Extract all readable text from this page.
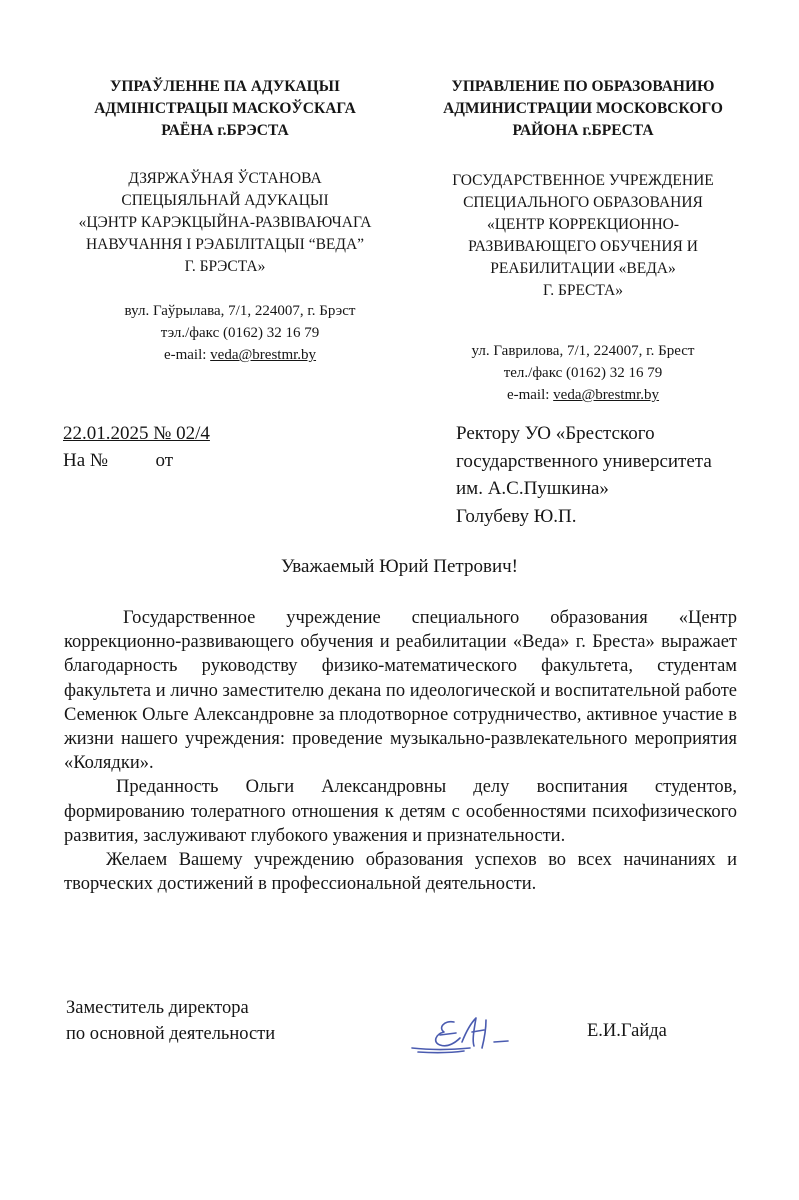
УПРАЎЛЕННЕ ПА АДУКАЦЫІ
АДМІНІСТРАЦЫІ МАСКОЎСКАГА
РАЁНА г.БРЭСТА
ДЗЯРЖАЎНАЯ ЎСТАНОВА
СПЕЦЫЯЛЬНАЙ АДУКАЦЫІ
«ЦЭНТР КАРЭКЦЫЙНА-РАЗВІВАЮЧАГА
НАВУЧАННЯ І РЭАБІЛІТАЦЫІ “ВЕДА”
Г. БРЭСТА»
вул. Гаўрылава, 7/1, 224007, г. Брэст
тэл./факс (0162) 32 16 79
e-mail: veda@brestmr.by
УПРАВЛЕНИЕ ПО ОБРАЗОВАНИЮ
АДМИНИСТРАЦИИ МОСКОВСКОГО
РАЙОНА г.БРЕСТА
ГОСУДАРСТВЕННОЕ УЧРЕЖДЕНИЕ
СПЕЦИАЛЬНОГО ОБРАЗОВАНИЯ
«ЦЕНТР КОРРЕКЦИОННО-
РАЗВИВАЮЩЕГО ОБУЧЕНИЯ И
РЕАБИЛИТАЦИИ «ВЕДА»
Г. БРЕСТА»
ул. Гаврилова, 7/1, 224007, г. Брест
тел./факс (0162) 32 16 79
e-mail: veda@brestmr.by
22.01.2025 № 02/4
На №          от
Ректору УО «Брестского
государственного университета
им. А.С.Пушкина»
Голубеву Ю.П.
Уважаемый Юрий Петрович!

Государственное учреждение специального образования «Центр коррекционно-развивающего обучения и реабилитации «Веда» г. Бреста» выражает благодарность руководству физико-математического факультета, студентам факультета и лично заместителю декана по идеологической и воспитательной работе Семенюк Ольге Александровне за плодотворное сотрудничество, активное участие в жизни нашего учреждения: проведение музыкально-развлекательного мероприятия «Колядки».

Преданность Ольги Александровны делу воспитания студентов, формированию толератного отношения к детям с особенностями психофизического развития, заслуживают глубокого уважения и признательности.

Желаем Вашему учреждению образования успехов во всех начинаниях и творческих достижений в профессиональной деятельности.

Заместитель директора
по основной деятельности	Е.И.Гайда
